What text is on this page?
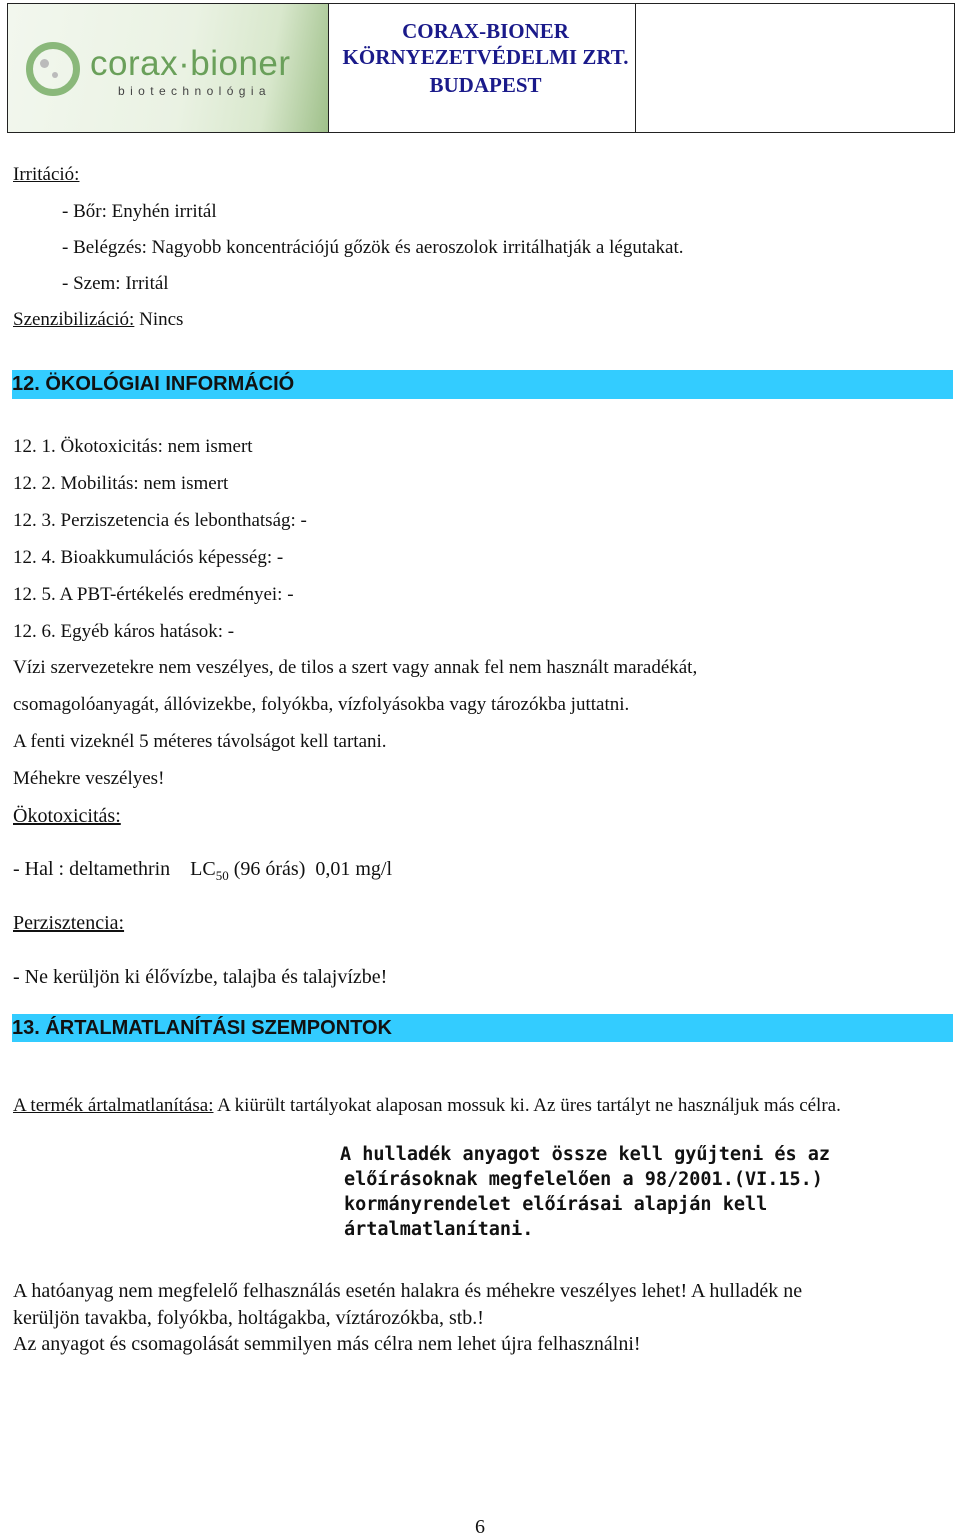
corax·bioner
biotechnológia
CORAX-BIONER
KÖRNYEZETVÉDELMI ZRT.
BUDAPEST
Irritáció:
- Bőr: Enyhén irritál
- Belégzés: Nagyobb koncentrációjú gőzök és aeroszolok irritálhatják a légutakat.
- Szem: Irritál
Szenzibilizáció: Nincs
12. ÖKOLÓGIAI INFORMÁCIÓ
12. 1. Ökotoxicitás: nem ismert
12. 2. Mobilitás: nem ismert
12. 3. Perziszetencia és lebonthatság: -
12. 4. Bioakkumulációs képesség: -
12. 5. A PBT-értékelés eredményei: -
12. 6. Egyéb káros hatások: -
Vízi szervezetekre nem veszélyes, de tilos a szert vagy annak fel nem használt maradékát,
csomagolóanyagát, állóvizekbe, folyókba, vízfolyásokba vagy tározókba juttatni.
A fenti vizeknél 5 méteres távolságot kell tartani.
Méhekre veszélyes!
Ökotoxicitás:
- Hal : deltamethrin    $LC_{50}$ (96 órás)  0,01 mg/l
Perzisztencia:
- Ne kerüljön ki élővízbe, talajba és talajvízbe!
13. ÁRTALMATLANÍTÁSI SZEMPONTOK
A termék ártalmatlanítása: A kiürült tartályokat alaposan mossuk ki. Az üres tartályt ne használjuk más célra.
A hulladék anyagot össze kell gyűjteni és az
előírásoknak megfelelően a 98/2001.(VI.15.)
kormányrendelet előírásai alapján kell
ártalmatlanítani.
A hatóanyag nem megfelelő felhasználás esetén halakra és méhekre veszélyes lehet! A hulladék ne
kerüljön tavakba, folyókba, holtágakba, víztározókba, stb.!
Az anyagot és csomagolását semmilyen más célra nem lehet újra felhasználni!
6
